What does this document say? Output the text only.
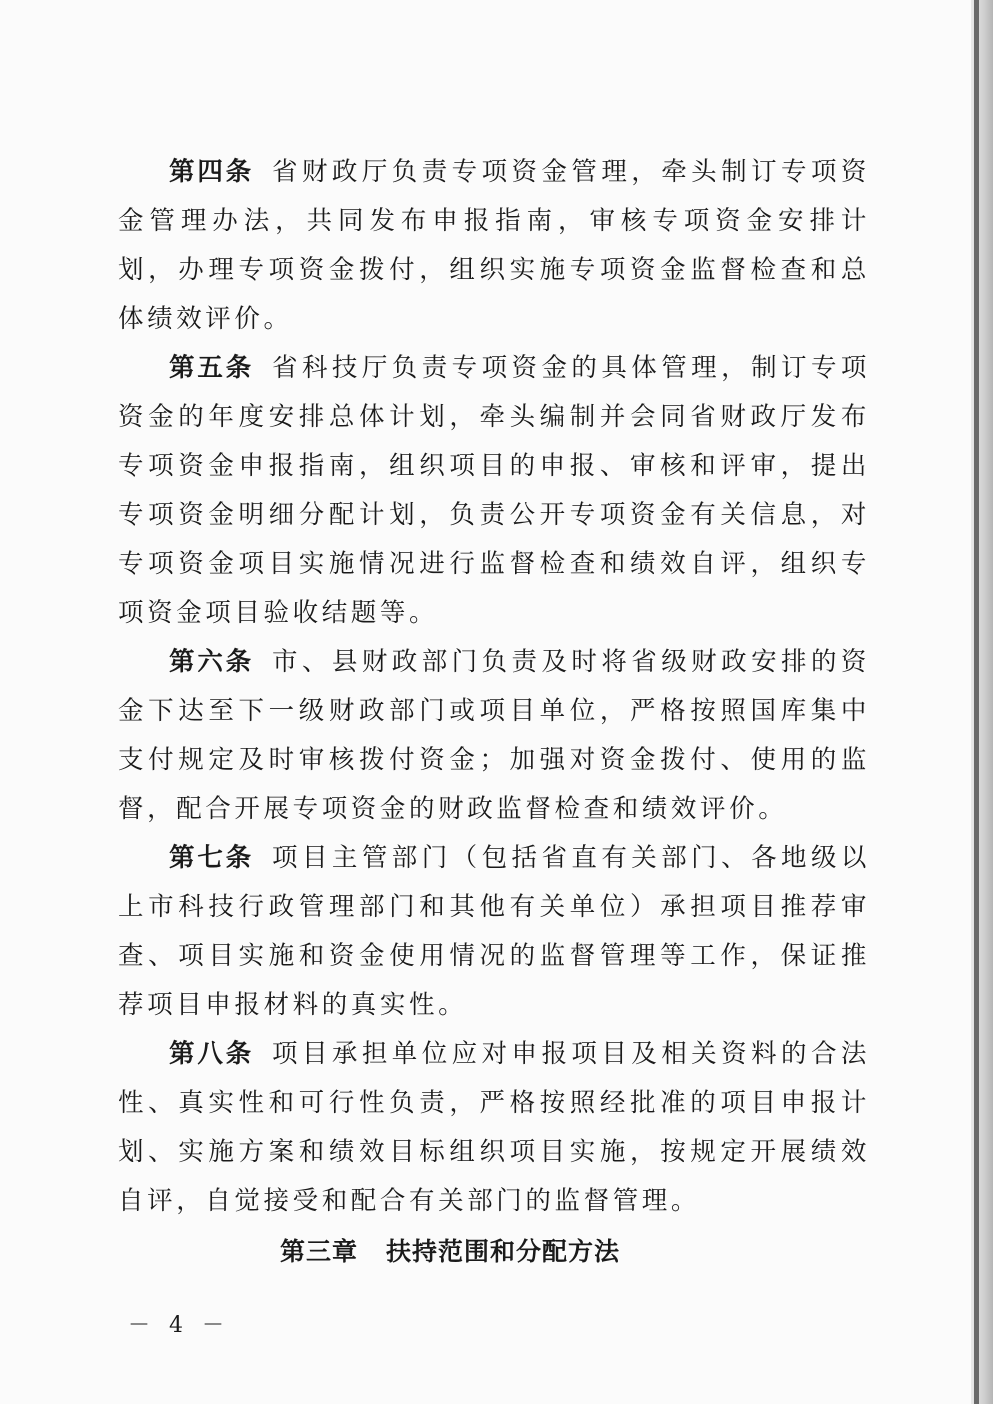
第四条 省财政厅负责专项资金管理，牵头制订专项资金管理办法，共同发布申报指南，审核专项资金安排计划，办理专项资金拨付，组织实施专项资金监督检查和总体绩效评价。

第五条 省科技厅负责专项资金的具体管理，制订专项资金的年度安排总体计划，牵头编制并会同省财政厅发布专项资金申报指南，组织项目的申报、审核和评审，提出专项资金明细分配计划，负责公开专项资金有关信息，对专项资金项目实施情况进行监督检查和绩效自评，组织专项资金项目验收结题等。

第六条 市、县财政部门负责及时将省级财政安排的资金下达至下一级财政部门或项目单位，严格按照国库集中支付规定及时审核拨付资金；加强对资金拨付、使用的监督，配合开展专项资金的财政监督检查和绩效评价。

第七条 项目主管部门（包括省直有关部门、各地级以上市科技行政管理部门和其他有关单位）承担项目推荐审查、项目实施和资金使用情况的监督管理等工作，保证推荐项目申报材料的真实性。

第八条 项目承担单位应对申报项目及相关资料的合法性、真实性和可行性负责，严格按照经批准的项目申报计划、实施方案和绩效目标组织项目实施，按规定开展绩效自评，自觉接受和配合有关部门的监督管理。

第三章 扶持范围和分配方法
－ 4 －
